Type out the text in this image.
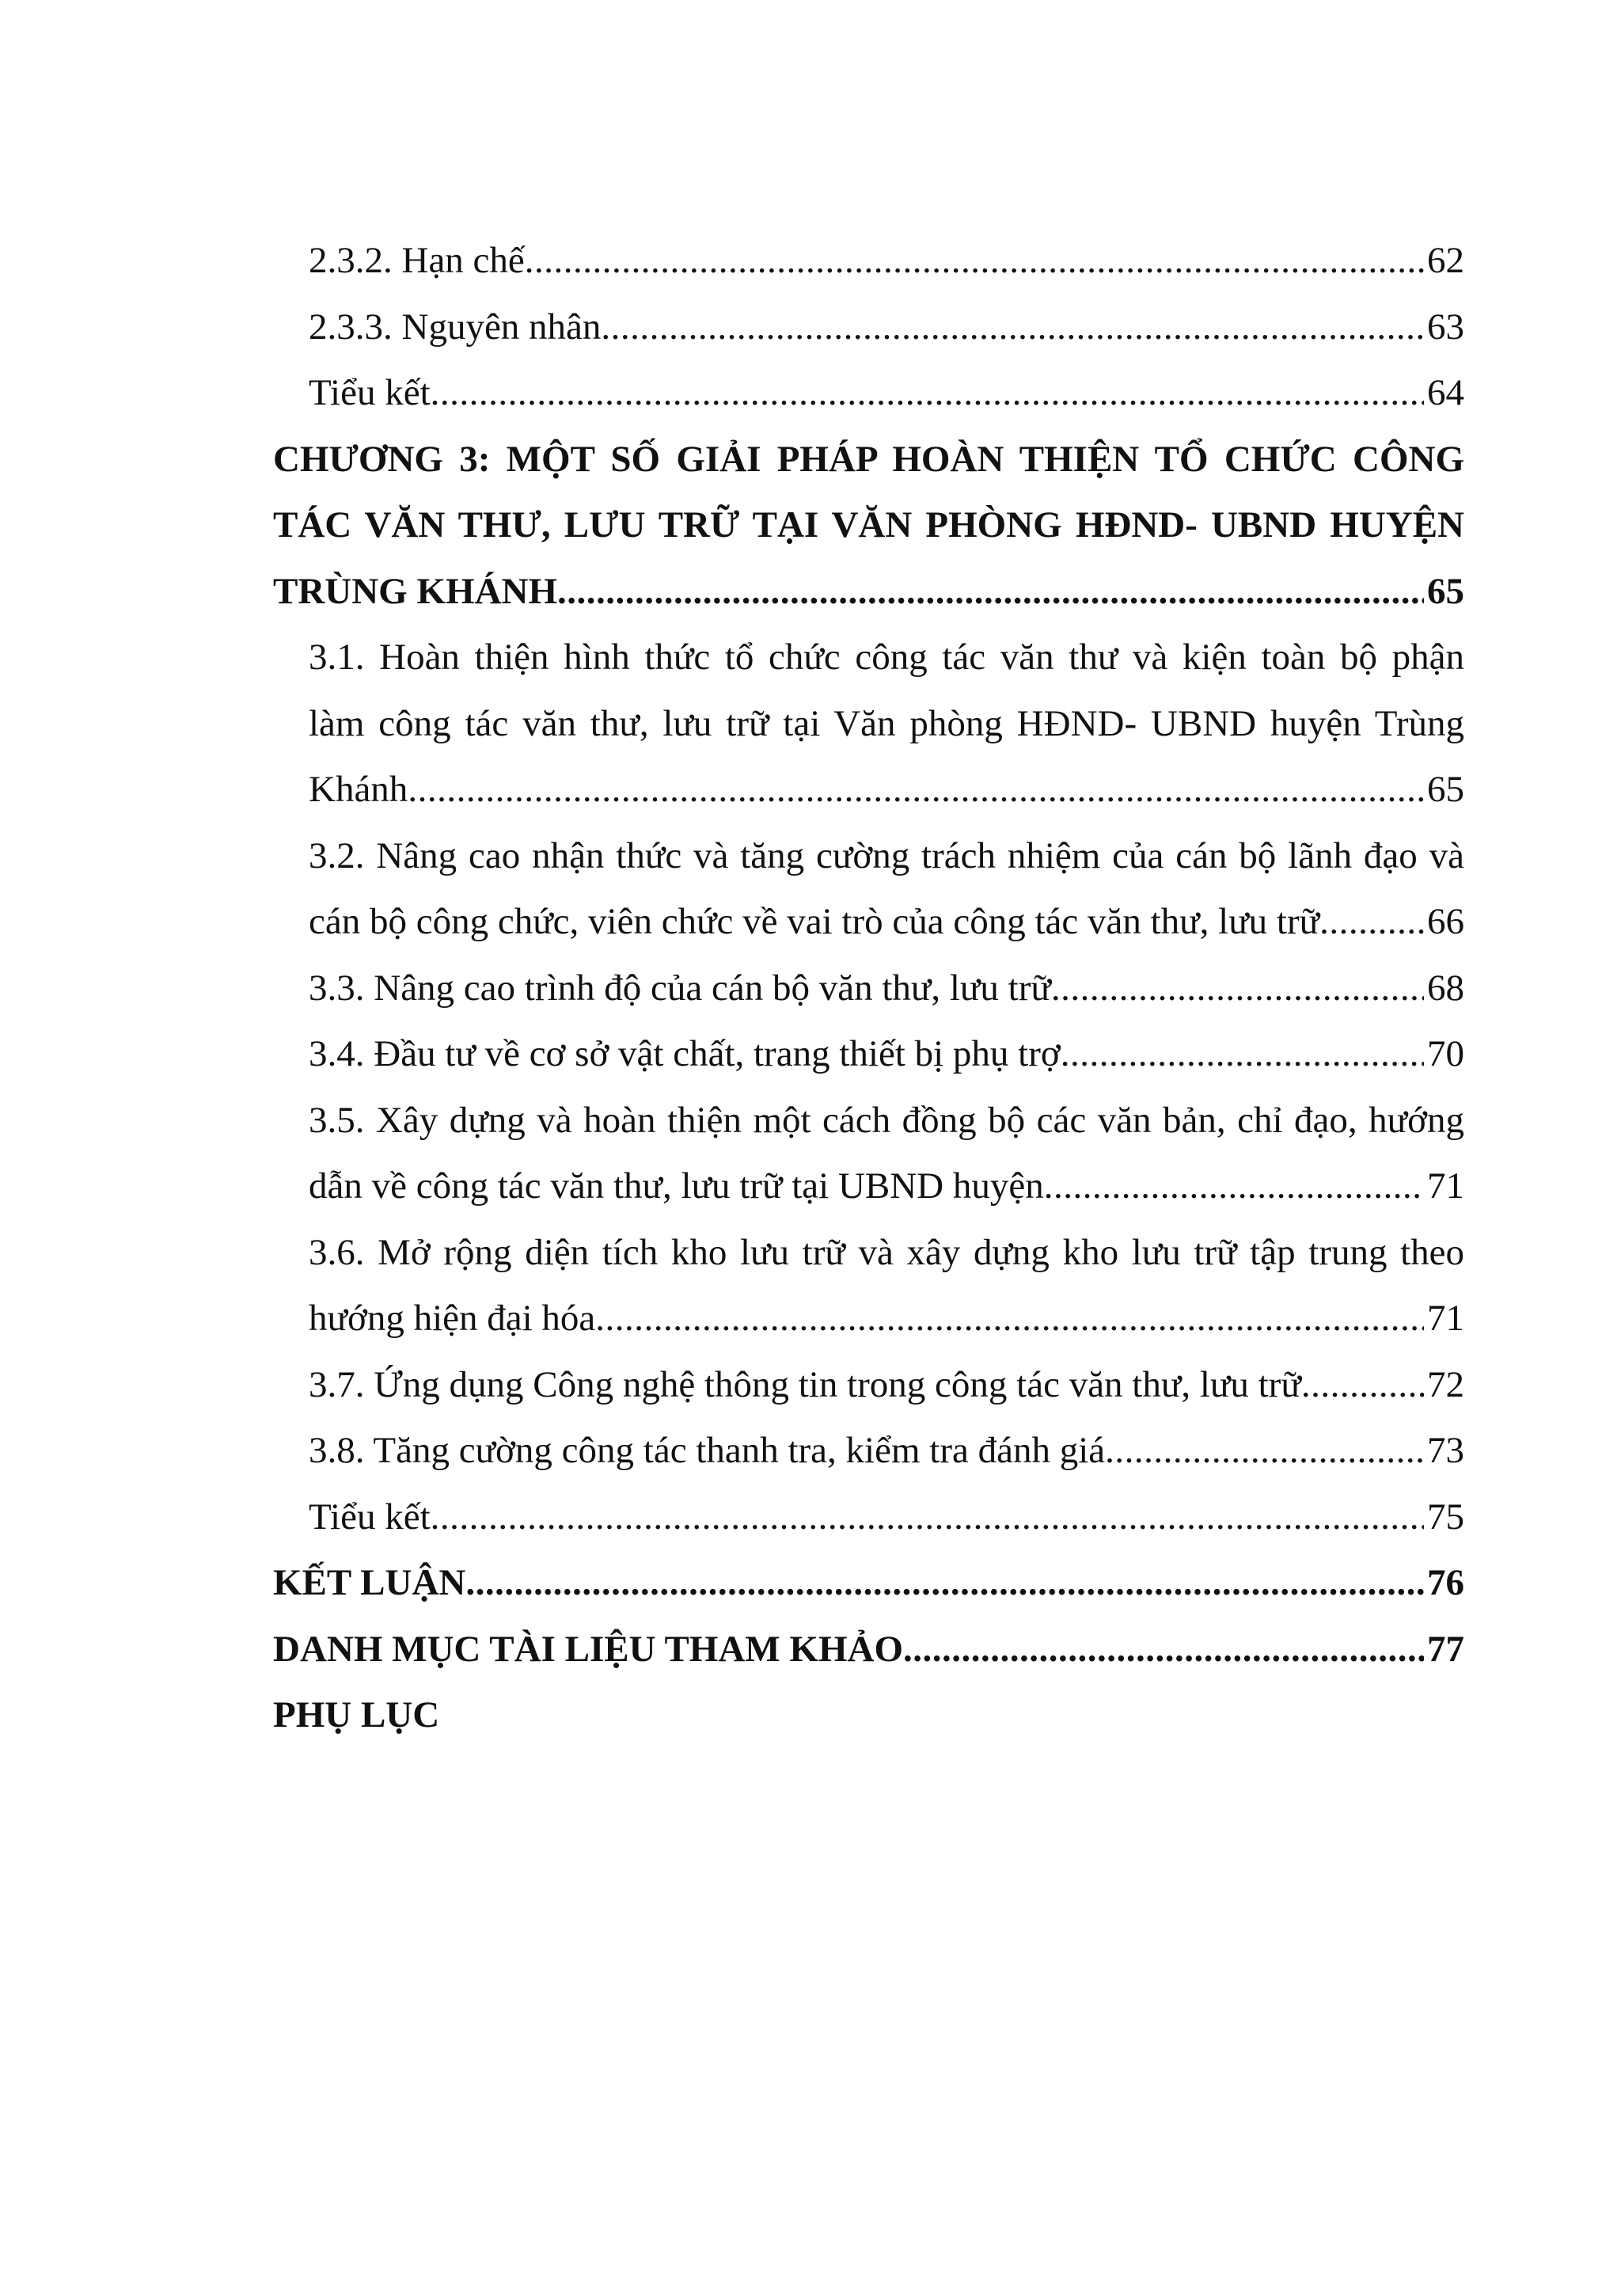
2.3.2. Hạn chế .....	62
2.3.3. Nguyên nhân .....	63
Tiểu kết .....	64
CHƯƠNG 3: MỘT SỐ GIẢI PHÁP HOÀN THIỆN TỔ CHỨC CÔNG
TÁC VĂN THƯ, LƯU TRỮ TẠI VĂN PHÒNG HĐND- UBND HUYỆN
TRÙNG KHÁNH .....	65
3.1. Hoàn thiện hình thức tổ chức công tác văn thư và kiện toàn bộ phận
làm công tác văn thư, lưu trữ tại Văn phòng HĐND- UBND huyện Trùng
Khánh .....	65
3.2. Nâng cao nhận thức và tăng cường trách nhiệm của cán bộ lãnh đạo và
cán bộ công chức, viên chức về vai trò của công tác văn thư, lưu trữ .....	66
3.3. Nâng cao trình độ của cán bộ văn thư, lưu trữ .....	68
3.4. Đầu tư về cơ sở vật chất, trang thiết bị phụ trợ .....	70
3.5. Xây dựng và hoàn thiện một cách đồng bộ các văn bản, chỉ đạo, hướng
dẫn về công tác văn thư, lưu trữ tại UBND huyện .....	71
3.6. Mở rộng diện tích kho lưu trữ và xây dựng kho lưu trữ tập trung theo
hướng hiện đại hóa .....	71
3.7. Ứng dụng Công nghệ thông tin trong công tác văn thư, lưu trữ .....	72
3.8. Tăng cường công tác thanh tra, kiểm tra đánh giá .....	73
Tiểu kết .....	75
KẾT LUẬN .....	76
DANH MỤC TÀI LIỆU THAM KHẢO .....	77
PHỤ LỤC
